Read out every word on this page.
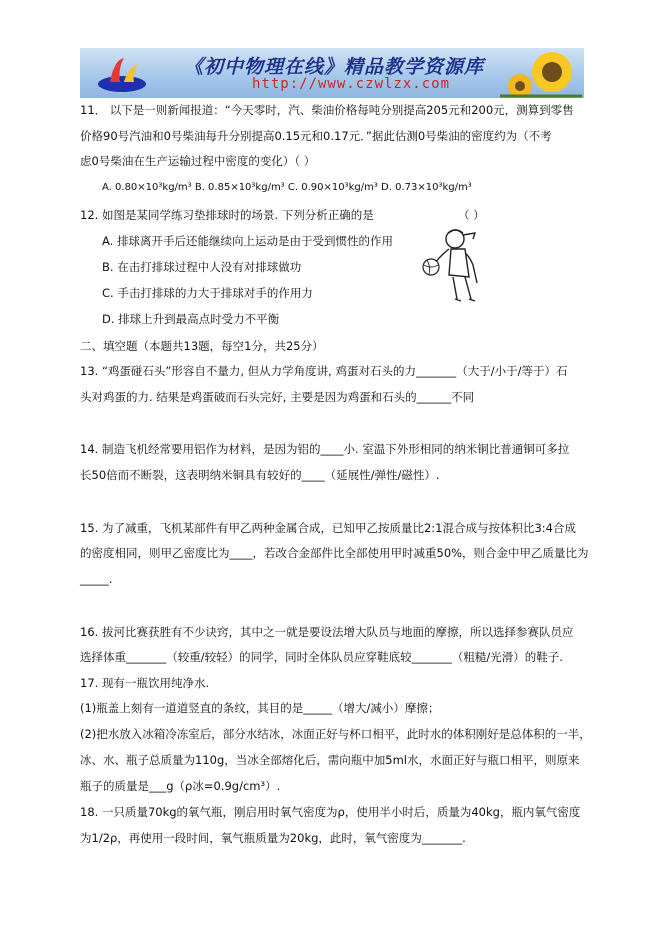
《初中物理在线》精品教学资源库
http://www.czwlzx.com
11． 以下是一则新闻报道：“今天零时，汽、柴油价格每吨分别提高205元和200元，测算到零售
价格90号汽油和0号柴油每升分别提高0.15元和0.17元．”据此估测0号柴油的密度约为（不考
虑0号柴油在生产运输过程中密度的变化）（ ）
A. 0.80×10³kg/m³ B. 0.85×10³kg/m³ C. 0.90×10³kg/m³ D. 0.73×10³kg/m³
12. 如图是某同学练习垫排球时的场景. 下列分析正确的是	（ ）
A. 排球离开手后还能继续向上运动是由于受到惯性的作用
B. 在击打排球过程中人没有对排球做功
C. 手击打排球的力大于排球对手的作用力
D. 排球上升到最高点时受力不平衡
二、填空题（本题共13题，每空1分，共25分）
13. “鸡蛋碰石头”形容自不量力, 但从力学角度讲, 鸡蛋对石头的力_______（大于/小于/等于）石
头对鸡蛋的力. 结果是鸡蛋破而石头完好, 主要是因为鸡蛋和石头的______不同
14. 制造飞机经常要用铝作为材料，是因为铝的____小. 室温下外形相同的纳米铜比普通铜可多拉
长50倍而不断裂，这表明纳米铜具有较好的____（延展性/弹性/磁性）.
15. 为了减重，飞机某部件有甲乙两种金属合成，已知甲乙按质量比2:1混合成与按体积比3:4合成
的密度相同，则甲乙密度比为____，若改合金部件比全部使用甲时减重50%，则合金中甲乙质量比为
_____.
16. 拔河比赛获胜有不少诀窍，其中之一就是要设法增大队员与地面的摩擦，所以选择参赛队员应
选择体重_______（较重/较轻）的同学，同时全体队员应穿鞋底较_______（粗糙/光滑）的鞋子.
17. 现有一瓶饮用纯净水.
(1)瓶盖上刻有一道道竖直的条纹，其目的是_____（增大/减小）摩擦；
(2)把水放入冰箱冷冻室后，部分水结冰，冰面正好与杯口相平，此时水的体积刚好是总体积的一半，
冰、水、瓶子总质量为110g，当冰全部熔化后，需向瓶中加5ml水，水面正好与瓶口相平，则原来
瓶子的质量是___g（ρ冰=0.9g/cm³）.
18. 一只质量70kg的氧气瓶，刚启用时氧气密度为ρ，使用半小时后，质量为40kg，瓶内氧气密度
为1/2ρ，再使用一段时间，氧气瓶质量为20kg，此时，氧气密度为_______.
